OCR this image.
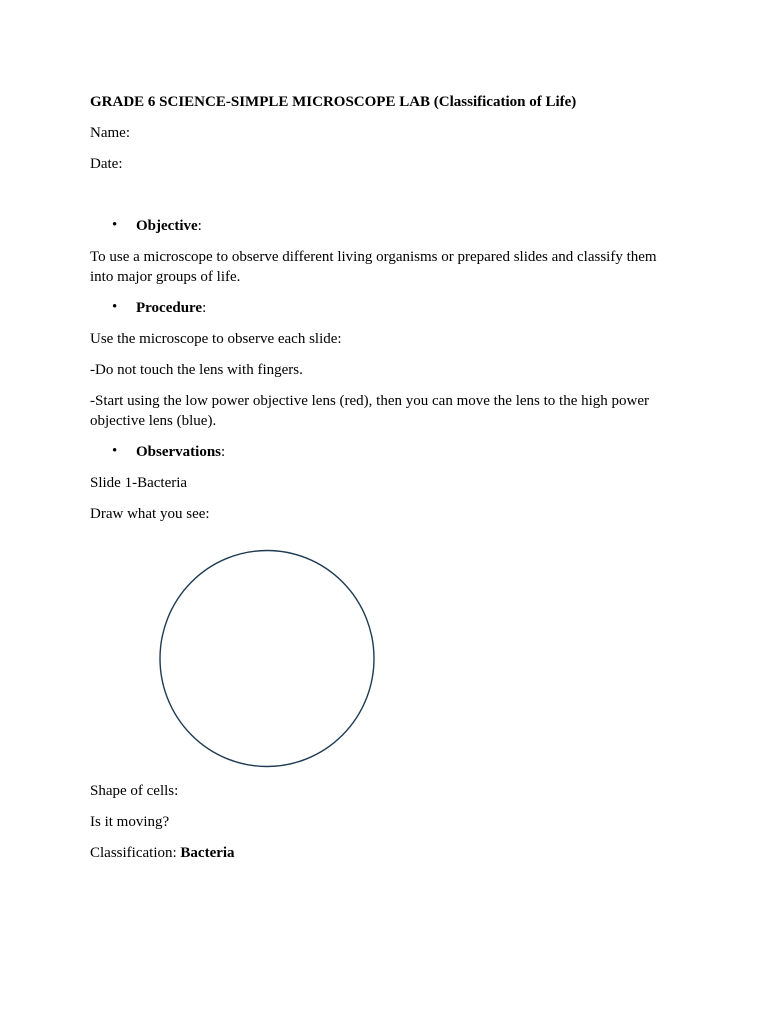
GRADE 6 SCIENCE-SIMPLE MICROSCOPE LAB (Classification of Life)
Name:
Date:
• Objective:
To use a microscope to observe different living organisms or prepared slides and classify them into major groups of life.
• Procedure:
Use the microscope to observe each slide:
-Do not touch the lens with fingers.
-Start using the low power objective lens (red), then you can move the lens to the high power objective lens (blue).
• Observations:
Slide 1-Bacteria
Draw what you see:
Shape of cells:
Is it moving?
Classification: Bacteria
